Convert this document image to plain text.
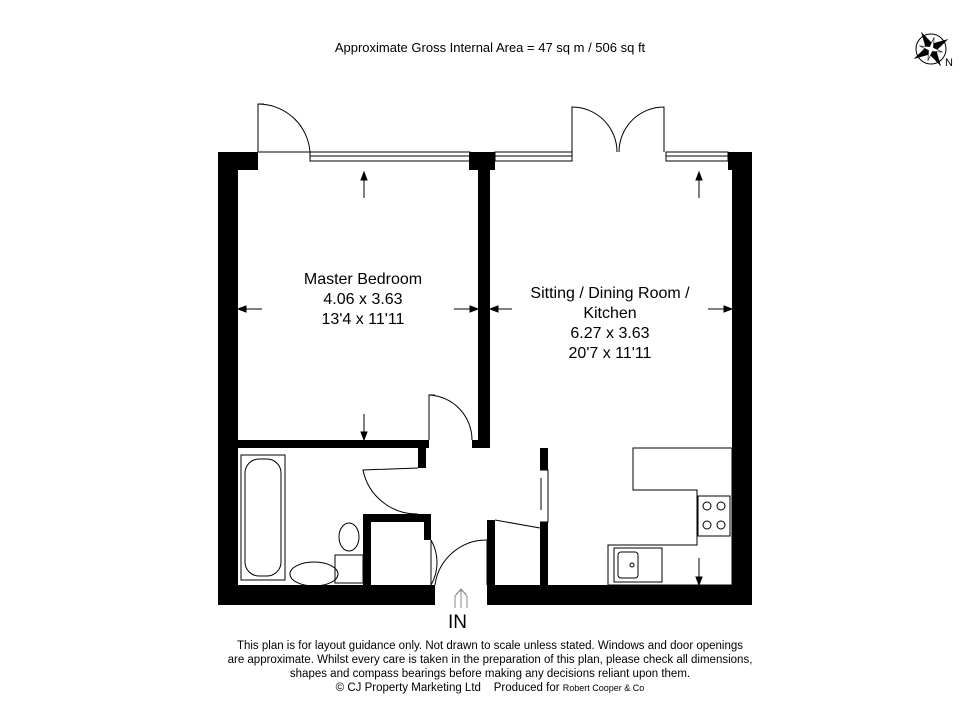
Approximate Gross Internal Area = 47 sq m / 506 sq ft
N
Master Bedroom
4.06 x 3.63
13'4 x 11'11
Sitting / Dining Room /
Kitchen
6.27 x 3.63
20'7 x 11'11
IN
This plan is for layout guidance only. Not drawn to scale unless stated. Windows and door openings
are approximate. Whilst every care is taken in the preparation of this plan, please check all dimensions,
shapes and compass bearings before making any decisions reliant upon them.
© CJ Property Marketing Ltd Produced for Robert Cooper & Co
